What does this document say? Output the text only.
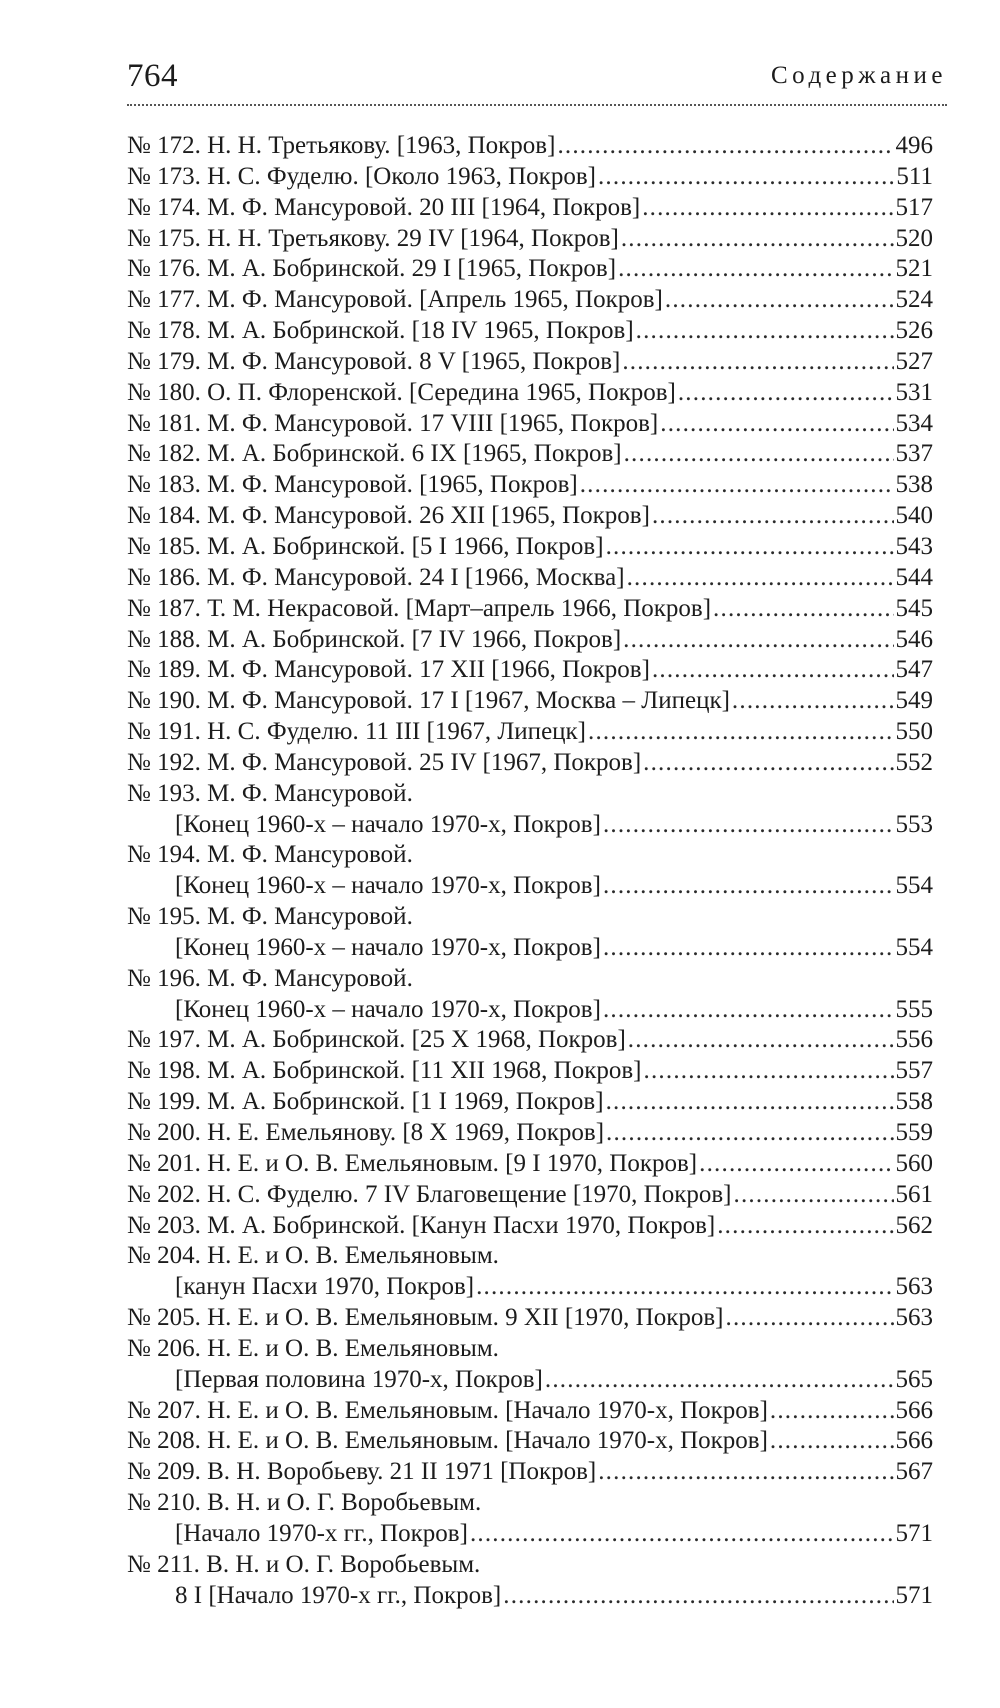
764	Содержание
№ 172. Н. Н. Третьякову. [1963, Покров] .....	496
№ 173. Н. С. Фуделю. [Около 1963, Покров] .....	511
№ 174. М. Ф. Мансуровой. 20 III [1964, Покров] .....	517
№ 175. Н. Н. Третьякову. 29 IV [1964, Покров] .....	520
№ 176. М. А. Бобринской. 29 I [1965, Покров] .....	521
№ 177. М. Ф. Мансуровой. [Апрель 1965, Покров] .....	524
№ 178. М. А. Бобринской. [18 IV 1965, Покров] .....	526
№ 179. М. Ф. Мансуровой. 8 V [1965, Покров] .....	527
№ 180. О. П. Флоренской. [Середина 1965, Покров] .....	531
№ 181. М. Ф. Мансуровой. 17 VIII [1965, Покров] .....	534
№ 182. М. А. Бобринской. 6 IX [1965, Покров] .....	537
№ 183. М. Ф. Мансуровой. [1965, Покров] .....	538
№ 184. М. Ф. Мансуровой. 26 XII [1965, Покров] .....	540
№ 185. М. А. Бобринской. [5 I 1966, Покров] .....	543
№ 186. М. Ф. Мансуровой. 24 I [1966, Москва] .....	544
№ 187. Т. М. Некрасовой. [Март–апрель 1966, Покров] .....	545
№ 188. М. А. Бобринской. [7 IV 1966, Покров] .....	546
№ 189. М. Ф. Мансуровой. 17 XII [1966, Покров] .....	547
№ 190. М. Ф. Мансуровой. 17 I [1967, Москва – Липецк] .....	549
№ 191. Н. С. Фуделю. 11 III [1967, Липецк] .....	550
№ 192. М. Ф. Мансуровой. 25 IV [1967, Покров] .....	552
№ 193. М. Ф. Мансуровой.
[Конец 1960-х – начало 1970-х, Покров] .....	553
№ 194. М. Ф. Мансуровой.
[Конец 1960-х – начало 1970-х, Покров] .....	554
№ 195. М. Ф. Мансуровой.
[Конец 1960-х – начало 1970-х, Покров] .....	554
№ 196. М. Ф. Мансуровой.
[Конец 1960-х – начало 1970-х, Покров] .....	555
№ 197. М. А. Бобринской. [25 X 1968, Покров] .....	556
№ 198. М. А. Бобринской. [11 XII 1968, Покров] .....	557
№ 199. М. А. Бобринской. [1 I 1969, Покров] .....	558
№ 200. Н. Е. Емельянову. [8 X 1969, Покров] .....	559
№ 201. Н. Е. и О. В. Емельяновым. [9 I 1970, Покров] .....	560
№ 202. Н. С. Фуделю. 7 IV Благовещение [1970, Покров] .....	561
№ 203. М. А. Бобринской. [Канун Пасхи 1970, Покров] .....	562
№ 204. Н. Е. и О. В. Емельяновым.
[канун Пасхи 1970, Покров] .....	563
№ 205. Н. Е. и О. В. Емельяновым. 9 XII [1970, Покров] .....	563
№ 206. Н. Е. и О. В. Емельяновым.
[Первая половина 1970-х, Покров] .....	565
№ 207. Н. Е. и О. В. Емельяновым. [Начало 1970-х, Покров] .....	566
№ 208. Н. Е. и О. В. Емельяновым. [Начало 1970-х, Покров] .....	566
№ 209. В. Н. Воробьеву. 21 II 1971 [Покров] .....	567
№ 210. В. Н. и О. Г. Воробьевым.
[Начало 1970-х гг., Покров] .....	571
№ 211. В. Н. и О. Г. Воробьевым.
8 I [Начало 1970-х гг., Покров] .....	571
